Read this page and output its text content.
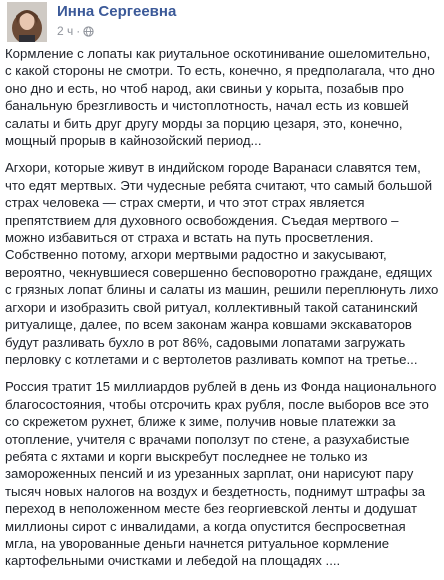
Инна Сергеевна
2 ч ·

Кормление с лопаты как риутальное оскотинивание ошеломительно, с какой стороны не смотри. То есть, конечно, я предполагала, что дно оно дно и есть, но чтоб народ, аки свиньи у корыта, позабыв про банальную брезгливость и чистоплотность, начал есть из ковшей салаты и бить друг другу морды за порцию цезаря, это, конечно, мощный прорыв в кайнозойский период...

Агхори, которые живут в индийском городе Варанаси славятся тем, что едят мертвых. Эти чудесные ребята считают, что самый большой страх человека — страх смерти, и что этот страх является препятствием для духовного освобождения. Съедая мертвого – можно избавиться от страха и встать на путь просветления. Собственно потому, агхори мертвыми радостно и закусывают, вероятно, чекнувшиеся совершенно бесповоротно граждане, едящих с грязных лопат блины и салаты из машин, решили переплюнуть лихо агхори и изобразить свой ритуал, коллективный такой сатанинский ритуалище, далее, по всем законам жанра ковшами экскаваторов будут разливать бухло в рот 86%, садовыми лопатами загружать перловку с котлетами и с вертолетов разливать компот на третье...

Россия тратит 15 миллиардов рублей в день из Фонда национального благосостояния, чтобы отсрочить крах рубля, после выборов все это со скрежетом рухнет, ближе к зиме, получив новые платежки за отопление, учителя с врачами поползут по стене, а разухабистые ребята с яхтами и корги выскребут последнее не только из замороженных пенсий и из урезанных зарплат, они нарисуют пару тысяч новых налогов на воздух и бездетность, поднимут штрафы за переход в неположенном месте без георгиевской ленты и додушат миллионы сирот с инвалидами, а когда опустится беспросветная мгла, на уворованные деньги начнется ритуальное кормление картофельными очистками и лебедой на площадях ....
